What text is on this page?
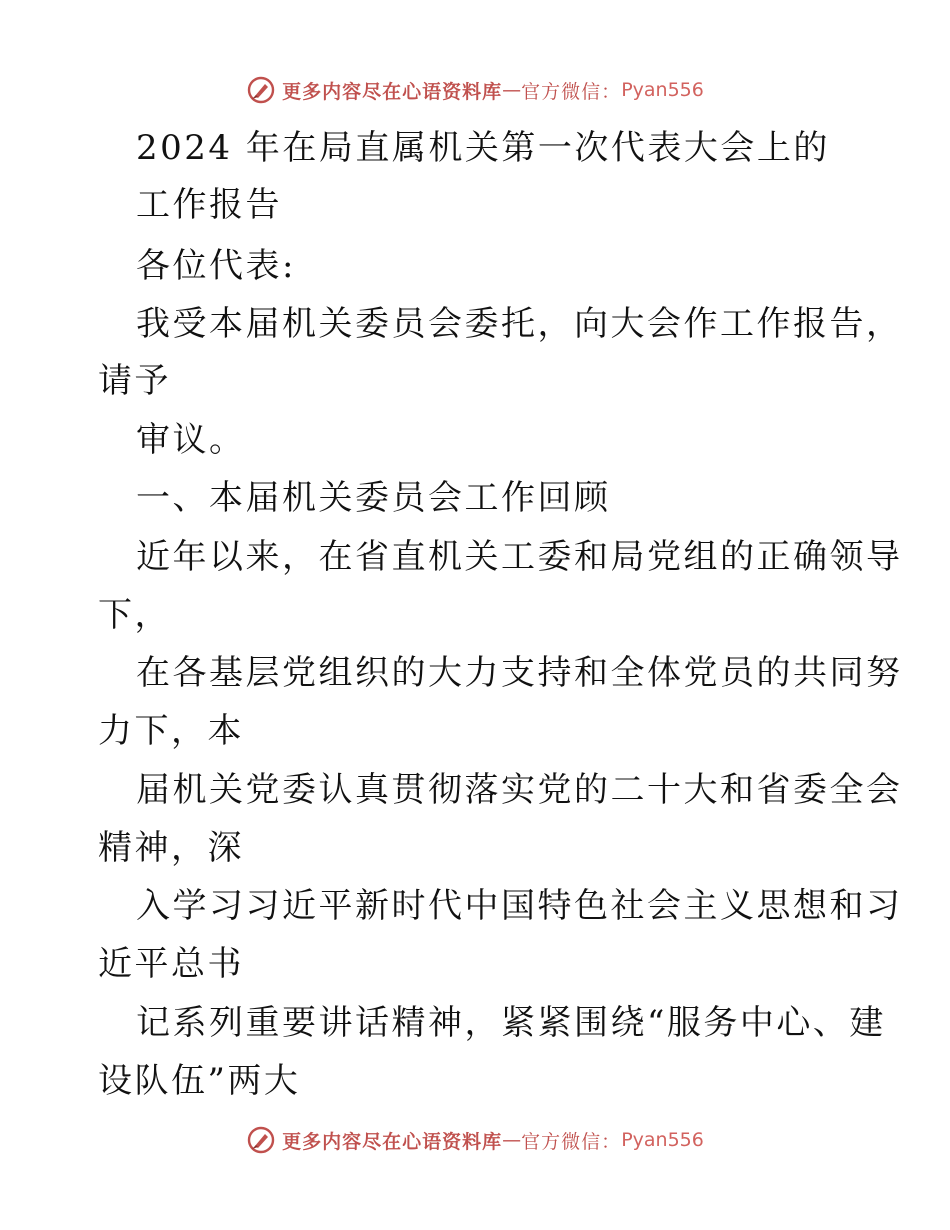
更多内容尽在心语资料库 — 官方微信： Pyan556
2024 年在局直属机关第一次代表大会上的
工作报告
各位代表:
我受本届机关委员会委托，向大会作工作报告，
请予
审议。
一、本届机关委员会工作回顾
近年以来，在省直机关工委和局党组的正确领导
下，
在各基层党组织的大力支持和全体党员的共同努
力下，本
届机关党委认真贯彻落实党的二十大和省委全会
精神，深
入学习习近平新时代中国特色社会主义思想和习
近平总书
记系列重要讲话精神，紧紧围绕“服务中心、建
设队伍”两大
更多内容尽在心语资料库 — 官方微信： Pyan556
